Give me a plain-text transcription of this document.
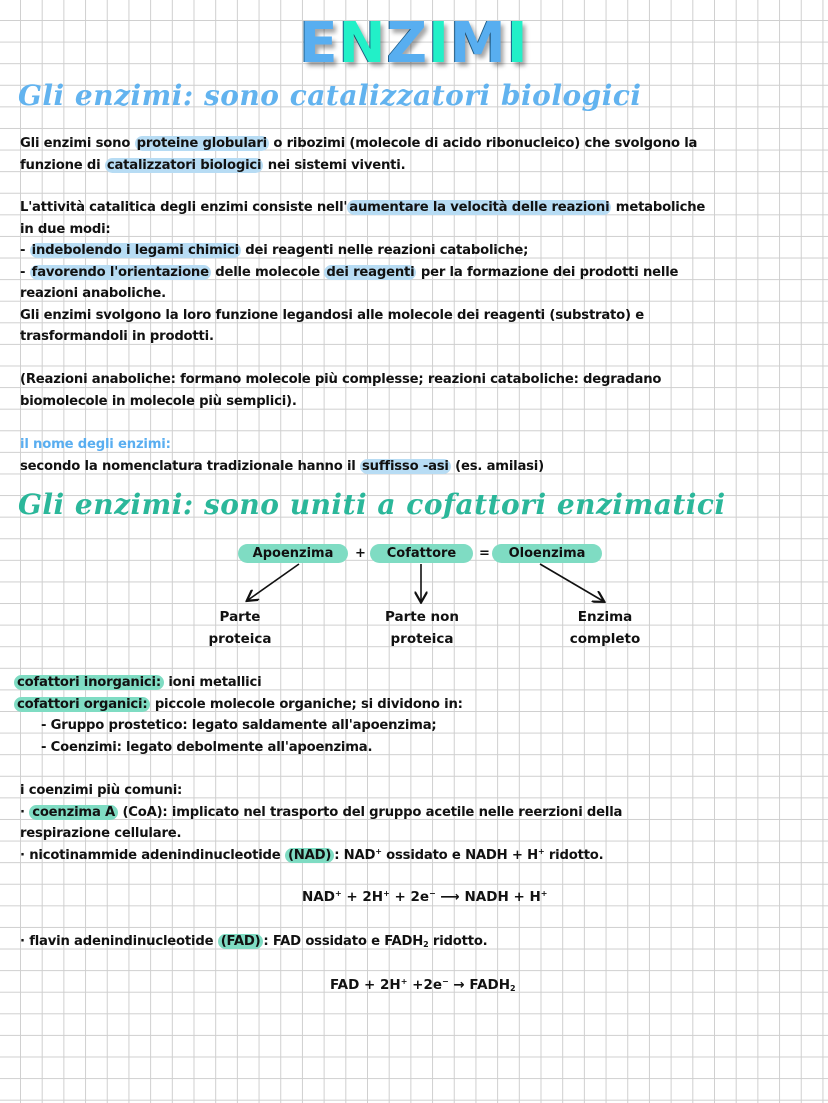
ENZIMI
Gli enzimi: sono catalizzatori biologici
Gli enzimi sono proteine globulari o ribozimi (molecole di acido ribonucleico) che svolgono la
funzione di catalizzatori biologici nei sistemi viventi.
L'attività catalitica degli enzimi consiste nell' aumentare la velocità delle reazioni metaboliche
in due modi:
- indebolendo i legami chimici dei reagenti nelle reazioni cataboliche;
- favorendo l'orientazione delle molecole dei reagenti per la formazione dei prodotti nelle
reazioni anaboliche.
Gli enzimi svolgono la loro funzione legandosi alle molecole dei reagenti (substrato) e
trasformandoli in prodotti.
(Reazioni anaboliche: formano molecole più complesse; reazioni cataboliche: degradano
biomolecole in molecole più semplici).
il nome degli enzimi:
secondo la nomenclatura tradizionale hanno il suffisso -asi (es. amilasi)
Gli enzimi: sono uniti a cofattori enzimatici
Apoenzima	+	Cofattore	=	Oloenzima
Parte
proteica
Parte non
proteica
Enzima
completo
cofattori inorganici: ioni metallici
cofattori organici: piccole molecole organiche; si dividono in:
- Gruppo prostetico: legato saldamente all'apoenzima;
- Coenzimi: legato debolmente all'apoenzima.
i coenzimi più comuni:
· coenzima A (CoA): implicato nel trasporto del gruppo acetile nelle reerzioni della
respirazione cellulare.
· nicotinammide adenindinucleotide (NAD) : NAD+ ossidato e NADH + H+ ridotto.
NAD+ + 2H+ + 2e− ⟶ NADH + H+
· flavin adenindinucleotide (FAD) : FAD ossidato e $FADH_2$ ridotto.
FAD + $2H^+ +2e^- \to FADH_2$
